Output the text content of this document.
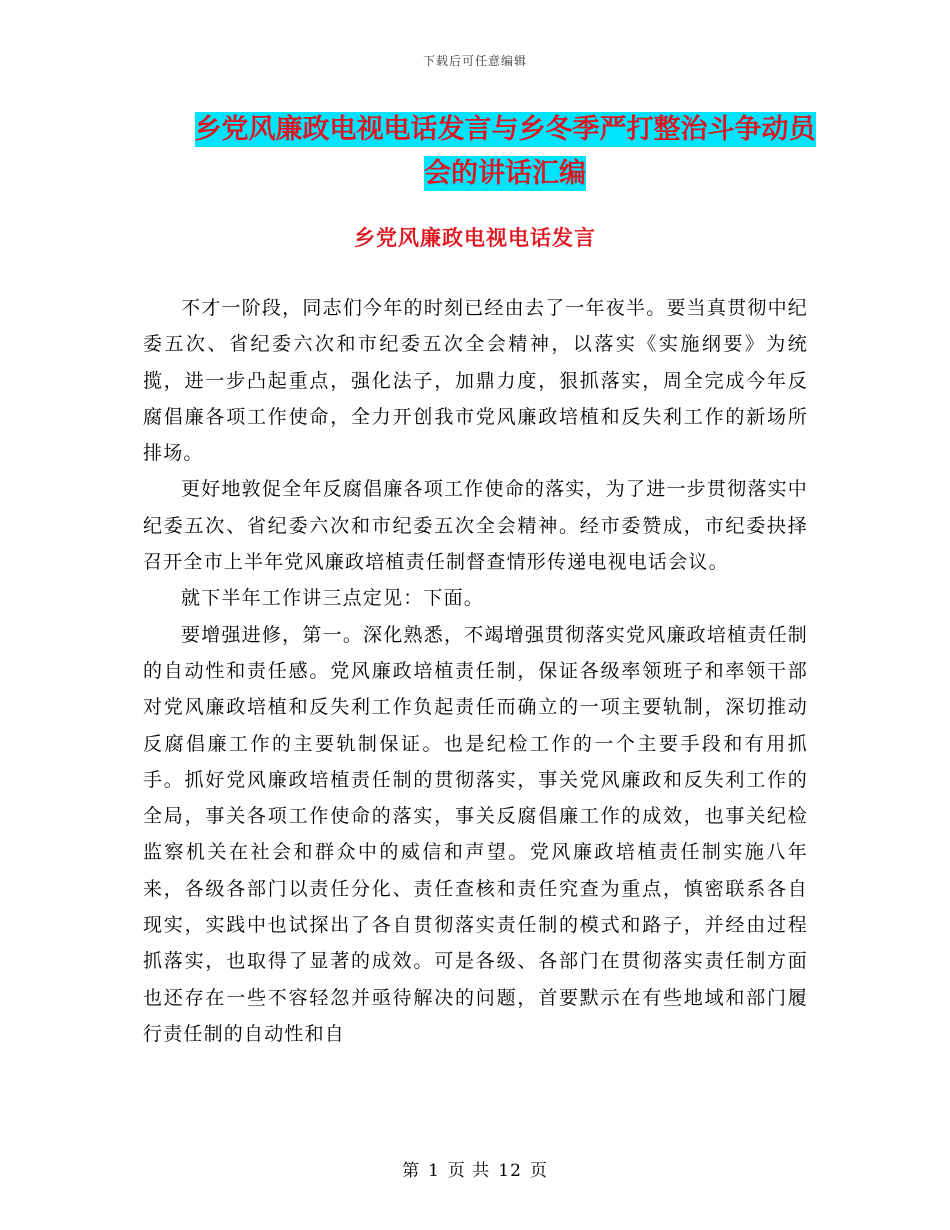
下载后可任意编辑
乡党风廉政电视电话发言与乡冬季严打整治斗争动员会的讲话汇编
乡党风廉政电视电话发言

不才一阶段，同志们今年的时刻已经由去了一年夜半。要当真贯彻中纪委五次、省纪委六次和市纪委五次全会精神，以落实《实施纲要》为统揽，进一步凸起重点，强化法子，加鼎力度，狠抓落实，周全完成今年反腐倡廉各项工作使命，全力开创我市党风廉政培植和反失利工作的新场所排场。

更好地敦促全年反腐倡廉各项工作使命的落实，为了进一步贯彻落实中纪委五次、省纪委六次和市纪委五次全会精神。经市委赞成，市纪委抉择召开全市上半年党风廉政培植责任制督查情形传递电视电话会议。

就下半年工作讲三点定见：下面。

要增强进修，第一。深化熟悉，不竭增强贯彻落实党风廉政培植责任制的自动性和责任感。党风廉政培植责任制，保证各级率领班子和率领干部对党风廉政培植和反失利工作负起责任而确立的一项主要轨制，深切推动反腐倡廉工作的主要轨制保证。也是纪检工作的一个主要手段和有用抓手。抓好党风廉政培植责任制的贯彻落实，事关党风廉政和反失利工作的全局，事关各项工作使命的落实，事关反腐倡廉工作的成效，也事关纪检监察机关在社会和群众中的威信和声望。党风廉政培植责任制实施八年来，各级各部门以责任分化、责任查核和责任究查为重点，慎密联系各自现实，实践中也试探出了各自贯彻落实责任制的模式和路子，并经由过程抓落实，也取得了显著的成效。可是各级、各部门在贯彻落实责任制方面也还存在一些不容轻忽并亟待解决的问题，首要默示在有些地域和部门履行责任制的自动性和自

第 1 页 共 12 页
